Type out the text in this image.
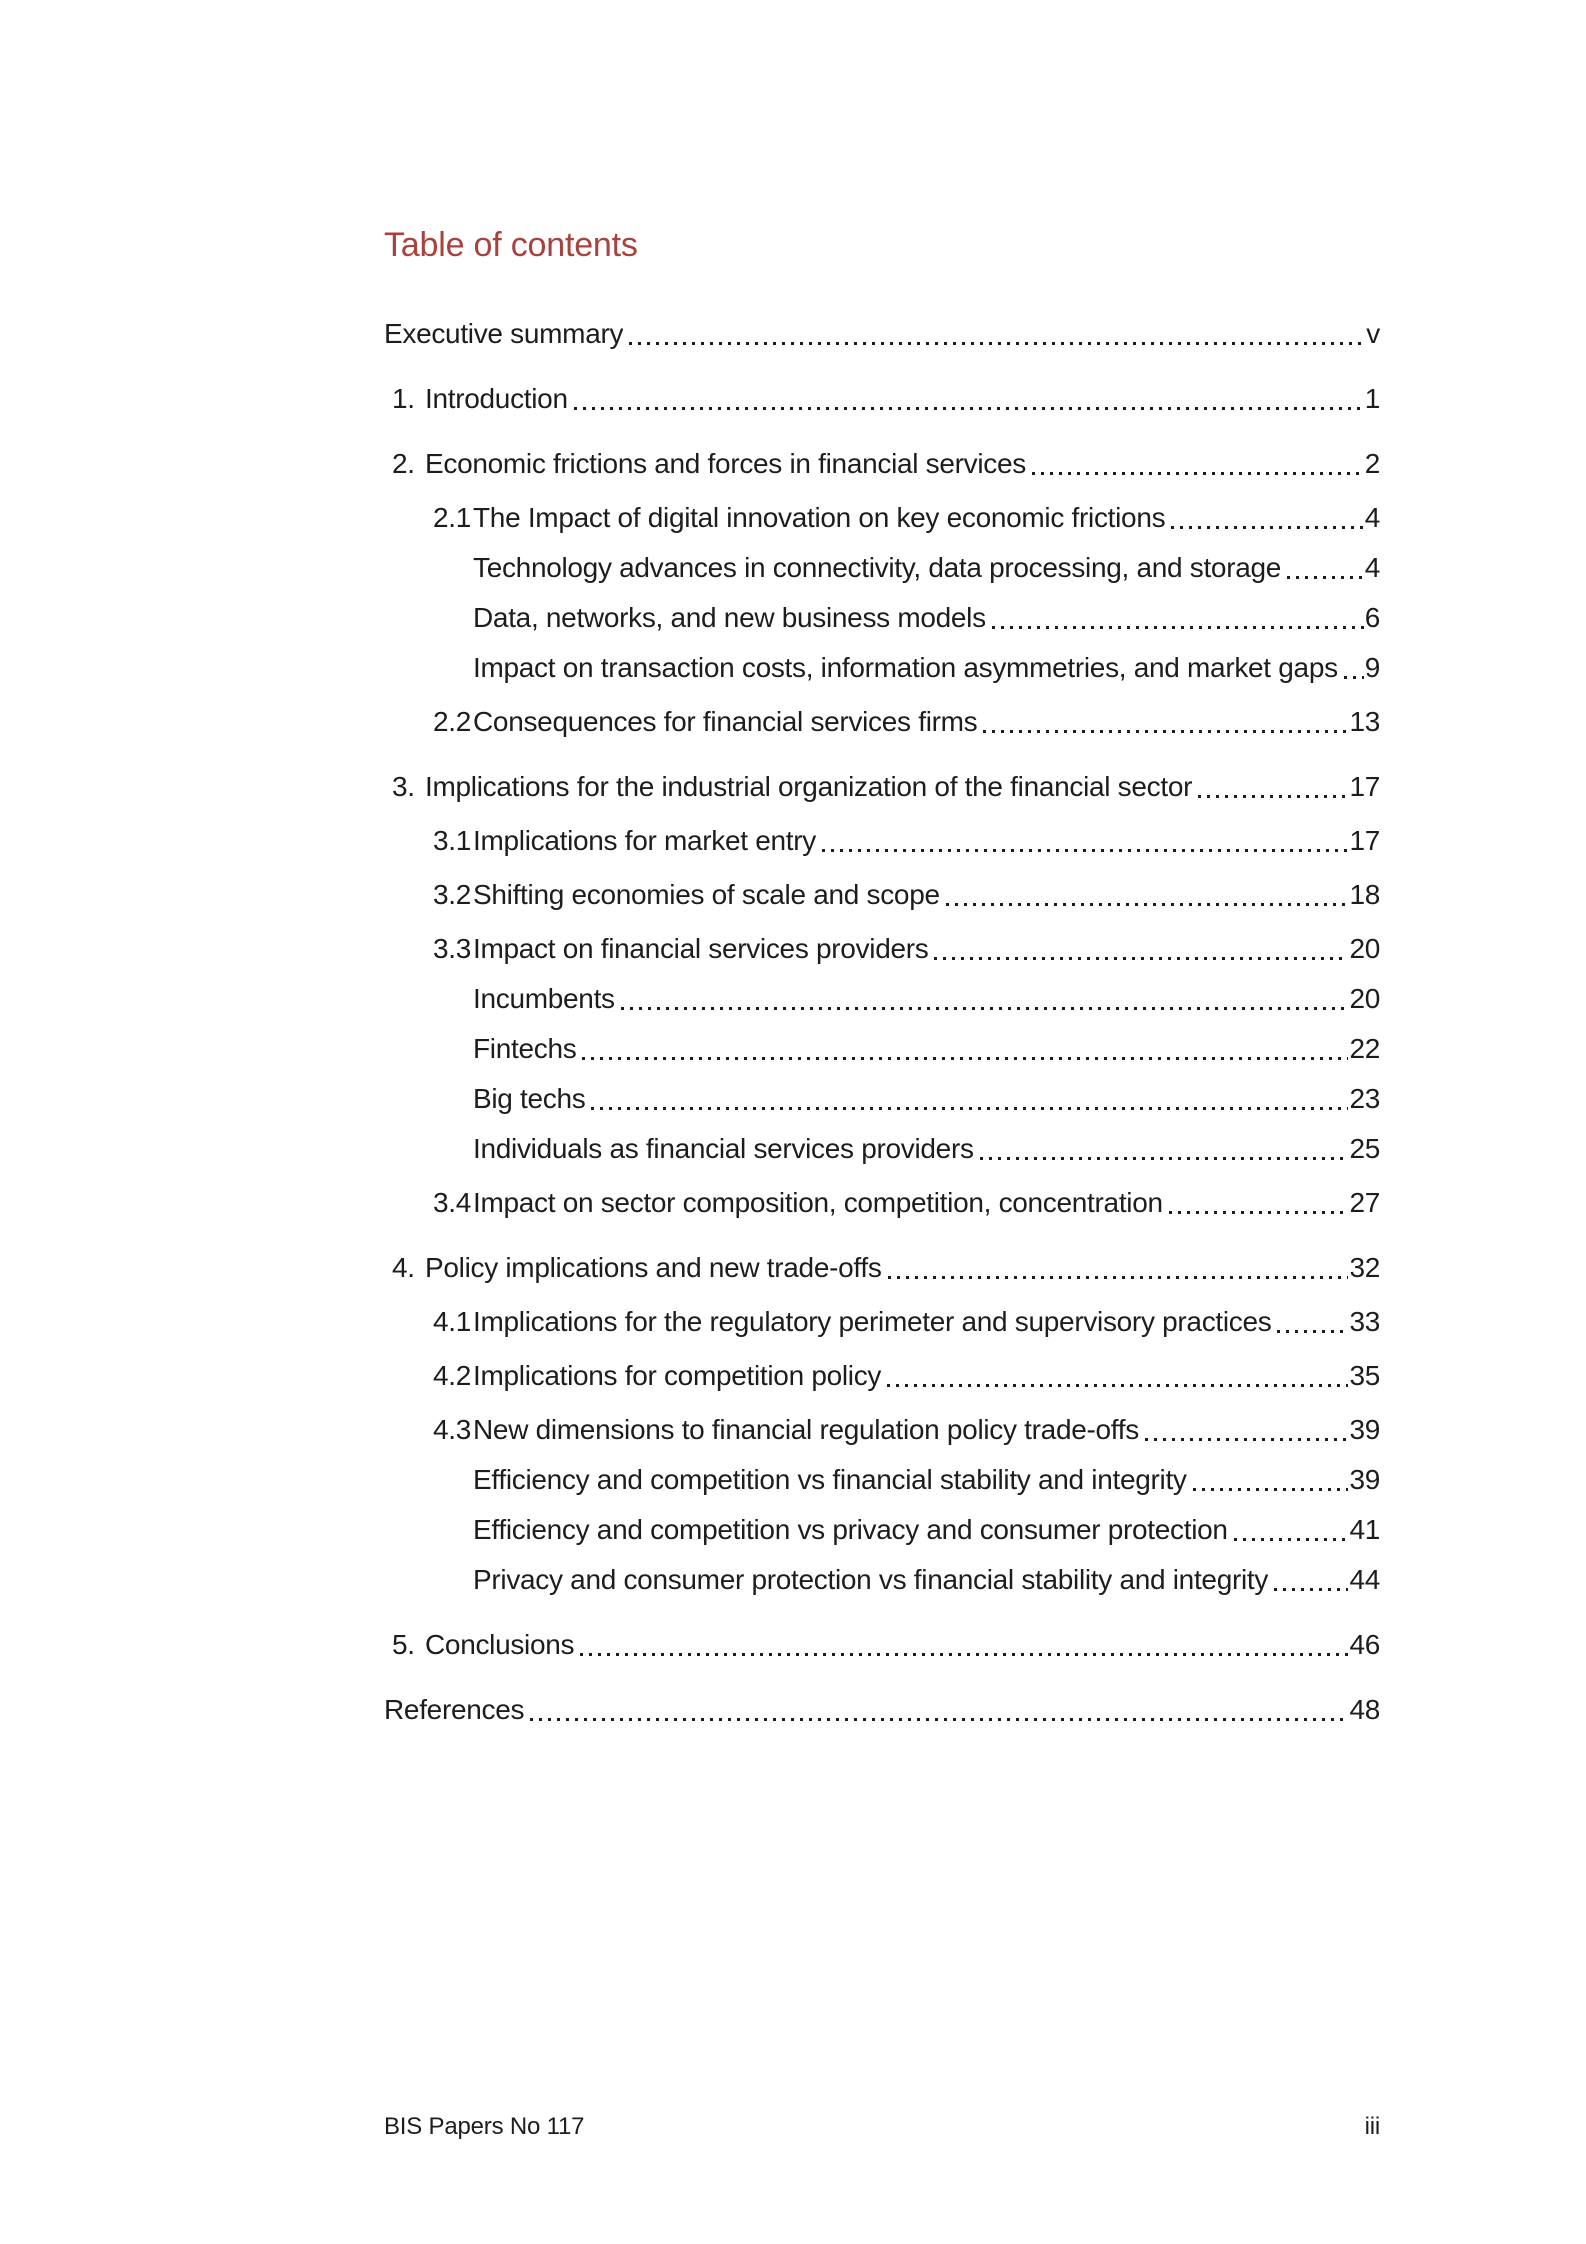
Table of contents
Executive summary	v
1. Introduction	1
2. Economic frictions and forces in financial services	2
2.1 The Impact of digital innovation on key economic frictions	4
Technology advances in connectivity, data processing, and storage	4
Data, networks, and new business models	6
Impact on transaction costs, information asymmetries, and market gaps 9
2.2 Consequences for financial services firms	13
3. Implications for the industrial organization of the financial sector	17
3.1 Implications for market entry	17
3.2 Shifting economies of scale and scope	18
3.3 Impact on financial services providers	20
Incumbents	20
Fintechs	22
Big techs	23
Individuals as financial services providers	25
3.4 Impact on sector composition, competition, concentration	27
4. Policy implications and new trade-offs	32
4.1 Implications for the regulatory perimeter and supervisory practices	33
4.2 Implications for competition policy	35
4.3 New dimensions to financial regulation policy trade-offs	39
Efficiency and competition vs financial stability and integrity	39
Efficiency and competition vs privacy and consumer protection	41
Privacy and consumer protection vs financial stability and integrity	44
5. Conclusions	46
References	48
BIS Papers No 117	iii
